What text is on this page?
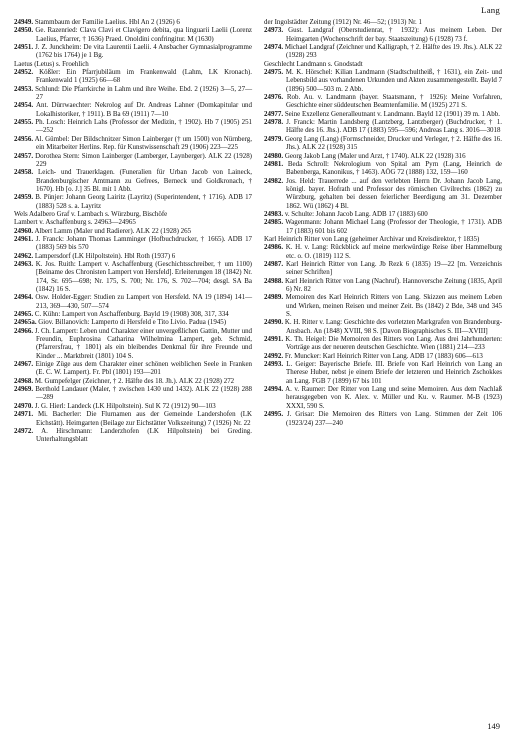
Lang

24949. Stammbaum der Familie Laelius. Hbl An 2 (1926) 6

24950. Ge. Razenried: Clava Clavi et Clavigero debita, qua linguarii Laelii (Lorenz Laelius, Pfarrer, † 1636) Praed. Onoldini confringitur. M (1630)

24951. J. Z. Junckheim: De vita Laurentii Laelii. 4 Ansbacher Gymnasialprogramme (1762 bis 1764) je 1 Bg.

Laetus (Letus) s. Froehlich

24952. Kößler: Ein Pfarrjubiläum im Frankenwald (Lahm, LK Kronach). Frankenwald 1 (1925) 66—68

24953. Schlund: Die Pfarrkirche in Lahm und ihre Weihe. Ebd. 2 (1926) 3—5, 27—27

24954. Ant. Dürrwaechter: Nekrolog auf Dr. Andreas Lahner (Domkapitular und Lokalhistoriker, † 1911). B Ba 69 (1911) 7—10

24955. Ph. Losch: Heinrich Lahs (Professor der Medizin, † 1902). Hb 7 (1905) 251—252

24956. Al. Gümbel: Der Bildschnitzer Simon Lainberger († um 1500) von Nürnberg, ein Mitarbeiter Herlins. Rep. für Kunstwissenschaft 29 (1906) 223—225

24957. Dorothea Stern: Simon Lainberger (Lamberger, Laynberger). ALK 22 (1928) 229

24958. Leich- und Trauerklagen. (Funeralien für Urban Jacob von Laineck, Brandenburgischer Amtmann zu Gefrees, Berneck und Goldkronach, † 1670). Hb [o. J.] 35 Bl. mit 1 Abb.

24959. B. Pünjer: Johann Georg Lairitz (Layritz) (Superintendent, † 1716). ADB 17 (1883) 528 s. a. Layritz

Wels Adalbero Graf v. Lambach s. Würzburg, Bischöfe

Lambert v. Aschaffenburg s. 24963—24965

24960. Albert Lamm (Maler und Radierer). ALK 22 (1928) 265

24961. J. Franck: Johann Thomas Lamminger (Hofbuchdrucker, † 1665). ADB 17 (1883) 569 bis 570

24962. Lampersdorf (LK Hilpoltstein). Hbl Roth (1937) 6

24963. K. Jos. Ruith: Lampert v. Aschaffenburg (Geschichtsschreiber, † um 1100) [Beiname des Chronisten Lampert von Hersfeld]. Erleiterungen 18 (1842) Nr. 174, Sr. 695—698; Nr. 175, S. 700; Nr. 176, S. 702—704; desgl. SA Ba (1842) 16 S.

24964. Osw. Holder-Egger: Studien zu Lampert von Hersfeld. NA 19 (1894) 141—213, 369—430, 507—574

24965. C. Kühn: Lampert von Aschaffenburg. Bayld 19 (1908) 308, 317, 334

24965a. Giov. Billanovich: Lamperto di Hersfeld e Tito Livio. Padua (1945)

24966. J. Ch. Lampert: Leben und Charakter einer unvergeßlichen Gattin, Mutter und Freundin, Euphrosina Catharina Wilhelmina Lampert, geb. Schmid, (Pfarrersfrau, † 1801) als ein bleibendes Denkmal für ihre Freunde und Kinder ... Marktbreit (1801) 104 S.

24967. Einige Züge aus dem Charakter einer schönen weiblichen Seele in Franken (E. C. W. Lampert). Fr. Pbl (1801) 193—201

24968. M. Gumpefelger (Zeichner, † 2. Hälfte des 18. Jh.). ALK 22 (1928) 272

24969. Berthold Landauer (Maler, † zwischen 1430 und 1432). ALK 22 (1928) 288—289

24970. J. G. Hierl: Landeck (LK Hilpoltstein). Sul K 72 (1912) 90—103

24971. Mi. Bacherler: Die Flurnamen aus der Gemeinde Landershofen (LK Eichstätt). Heimgarten (Beilage zur Eichstätter Volkszeitung) 7 (1926) Nr. 22

24972. A. Hirschmann: Landerzhofen (LK Hilpoltstein) bei Greding. Unterhaltungsblatt

der Ingolstädter Zeitung (1912) Nr. 46—52; (1913) Nr. 1

24973. Gust. Landgraf (Oberstudienrat, † 1932): Aus meinem Leben. Der Heimgarten (Wochenschrift der bay. Staatszeitung) 6 (1928) 73 f.

24974. Michael Landgraf (Zeichner und Kalligraph, † 2. Hälfte des 19. Jhs.). ALK 22 (1928) 293

Geschlecht Landmann s. Gnodstadt

24975. M. K. Hörschel: Kilian Landmann (Stadtschultheiß, † 1631), ein Zeit- und Lebensbild aus vorhandenen Urkunden und Akten zusammengestellt. Bayld 7 (1896) 500—503 m. 2 Abb.

24976. Rob. Au. v. Landmann (bayer. Staatsmann, † 1926): Meine Vorfahren, Geschichte einer süddeutschen Beamtenfamilie. M (1925) 271 S.

24977. Seine Exzellenz Generalleutnant v. Landmann. Bayld 12 (1901) 39 m. 1 Abb.

24978. J. Franck: Martin Landsberg (Lantzberg, Lantzberger) (Buchdrucker, † 1. Hälfte des 16. Jhs.). ADB 17 (1883) 595—596; Andreas Lang s. 3016—3018

24979. Georg Lang (Lang) (Formschneider, Drucker und Verleger, † 2. Hälfte des 16. Jhs.). ALK 22 (1928) 315

24980. Georg Jakob Lang (Maler und Arzt, † 1740). ALK 22 (1928) 316

24981. Beda Schroll: Nekrologium von Spital am Pyrn (Lang, Heinrich de Babenberga, Kanonikus, † 1463). AÖG 72 (1888) 132, 159—160

24982. Jos. Held: Trauerrede ... auf den verlebten Herrn Dr. Johann Jacob Lang, königl. bayer. Hofrath und Professor des römischen Civilrechts (1862) zu Würzburg, gehalten bei dessen feierlicher Beerdigung am 31. Dezember 1862. Wü (1862) 4 Bl.

24983. v. Schulte: Johann Jacob Lang. ADB 17 (1883) 600

24985. Wagenmann: Johann Michael Lang (Professor der Theologie, † 1731). ADB 17 (1883) 601 bis 602

Karl Heinrich Ritter von Lang (geheimer Archivar und Kreisdirektor, † 1835)

24986. K. H. v. Lang: Rückblick auf meine merkwürdige Reise über Hammelburg etc. o. O. (1819) 112 S.

24987. Karl Heinrich Ritter von Lang. Jb Rezk 6 (1835) 19—22 [m. Verzeichnis seiner Schriften]

24988. Karl Heinrich Ritter von Lang (Nachruf). Hannoversche Zeitung (1835, April 6) Nr. 82

24989. Memoiren des Karl Heinrich Ritters von Lang. Skizzen aus meinem Leben und Wirken, meinen Reisen und meiner Zeit. Bs (1842) 2 Bde, 348 und 345 S.

24990. K. H. Ritter v. Lang: Geschichte des vorletzten Markgrafen von Brandenburg-Ansbach. An (1848) XVIII, 98 S. [Davon Biographisches S. III—XVIII]

24991. K. Th. Heigel: Die Memoiren des Ritters von Lang. Aus drei Jahrhunderten: Vorträge aus der neueren deutschen Geschichte. Wien (1881) 214—233

24992. Fr. Muncker: Karl Heinrich Ritter von Lang. ADB 17 (1883) 606—613

24993. L. Geiger: Bayerische Briefe. III. Briefe von Karl Heinrich von Lang an Therese Huber, nebst je einem Briefe der letzteren und Heinrich Zschokkes an Lang. FGB 7 (1899) 67 bis 101

24994. A. v. Raumer: Der Ritter von Lang und seine Memoiren. Aus dem Nachlaß herausgegeben von K. Alex. v. Müller und Ku. v. Raumer. M-B (1923) XXXI, 590 S.

24995. J. Grisar: Die Memoiren des Ritters von Lang. Stimmen der Zeit 106 (1923/24) 237—240

149
